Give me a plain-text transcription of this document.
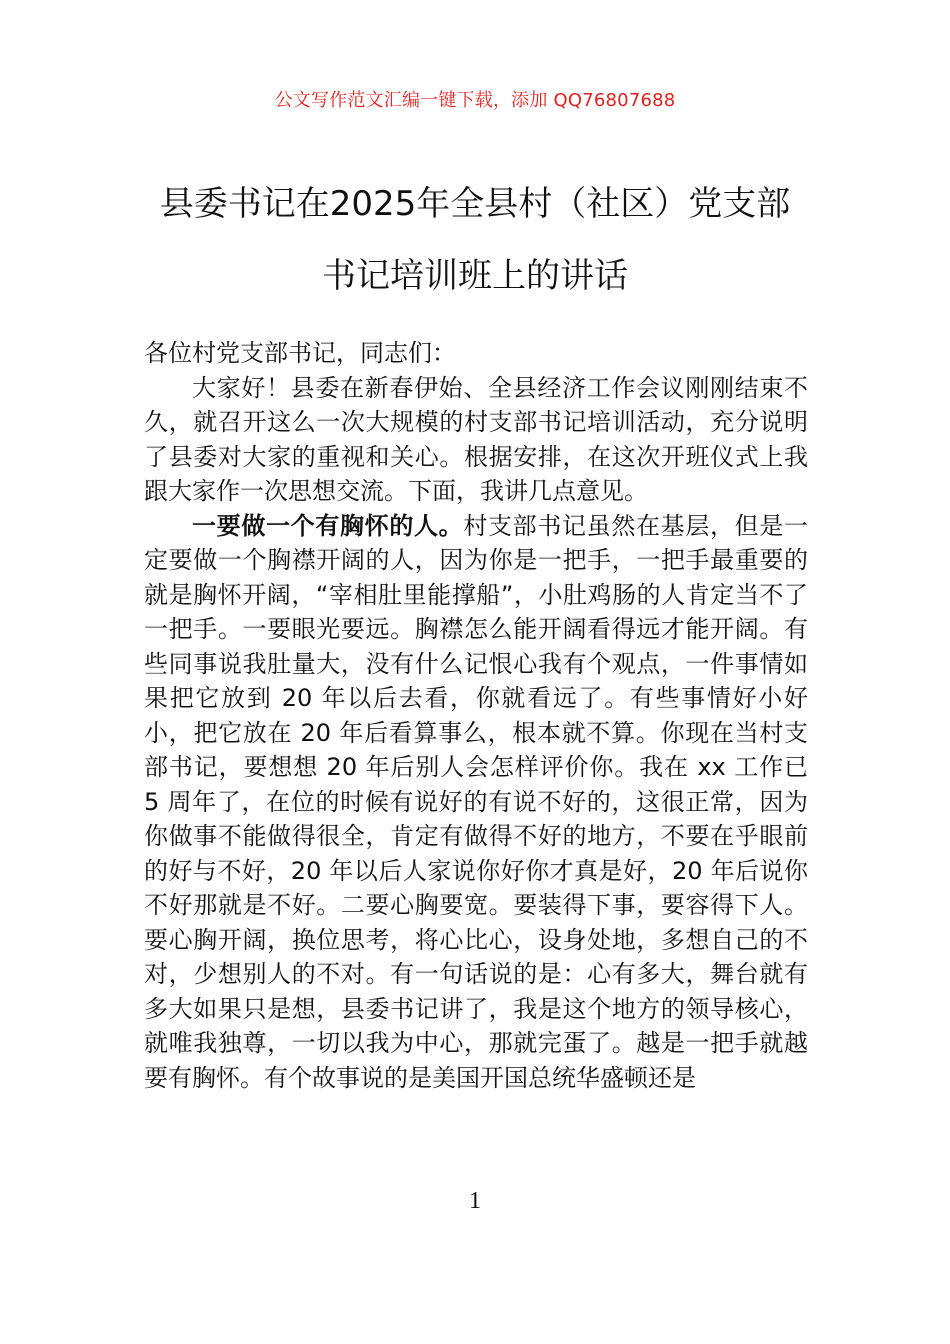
公文写作范文汇编一键下载，添加 QQ76807688
县委书记在2025年全县村（社区）党支部
书记培训班上的讲话

各位村党支部书记，同志们：

大家好！县委在新春伊始、全县经济工作会议刚刚结束不久，就召开这么一次大规模的村支部书记培训活动，充分说明了县委对大家的重视和关心。根据安排，在这次开班仪式上我跟大家作一次思想交流。下面，我讲几点意见。

一要做一个有胸怀的人。村支部书记虽然在基层，但是一定要做一个胸襟开阔的人，因为你是一把手，一把手最重要的就是胸怀开阔，“宰相肚里能撑船”，小肚鸡肠的人肯定当不了一把手。一要眼光要远。胸襟怎么能开阔看得远才能开阔。有些同事说我肚量大，没有什么记恨心我有个观点，一件事情如果把它放到 20 年以后去看，你就看远了。有些事情好小好小，把它放在 20 年后看算事么，根本就不算。你现在当村支部书记，要想想 20 年后别人会怎样评价你。我在 xx 工作已 5 周年了，在位的时候有说好的有说不好的，这很正常，因为你做事不能做得很全，肯定有做得不好的地方，不要在乎眼前的好与不好，20 年以后人家说你好你才真是好，20 年后说你不好那就是不好。二要心胸要宽。要装得下事，要容得下人。要心胸开阔，换位思考，将心比心，设身处地，多想自己的不对，少想别人的不对。有一句话说的是：心有多大，舞台就有多大如果只是想，县委书记讲了，我是这个地方的领导核心，就唯我独尊，一切以我为中心，那就完蛋了。越是一把手就越要有胸怀。有个故事说的是美国开国总统华盛顿还是

1
